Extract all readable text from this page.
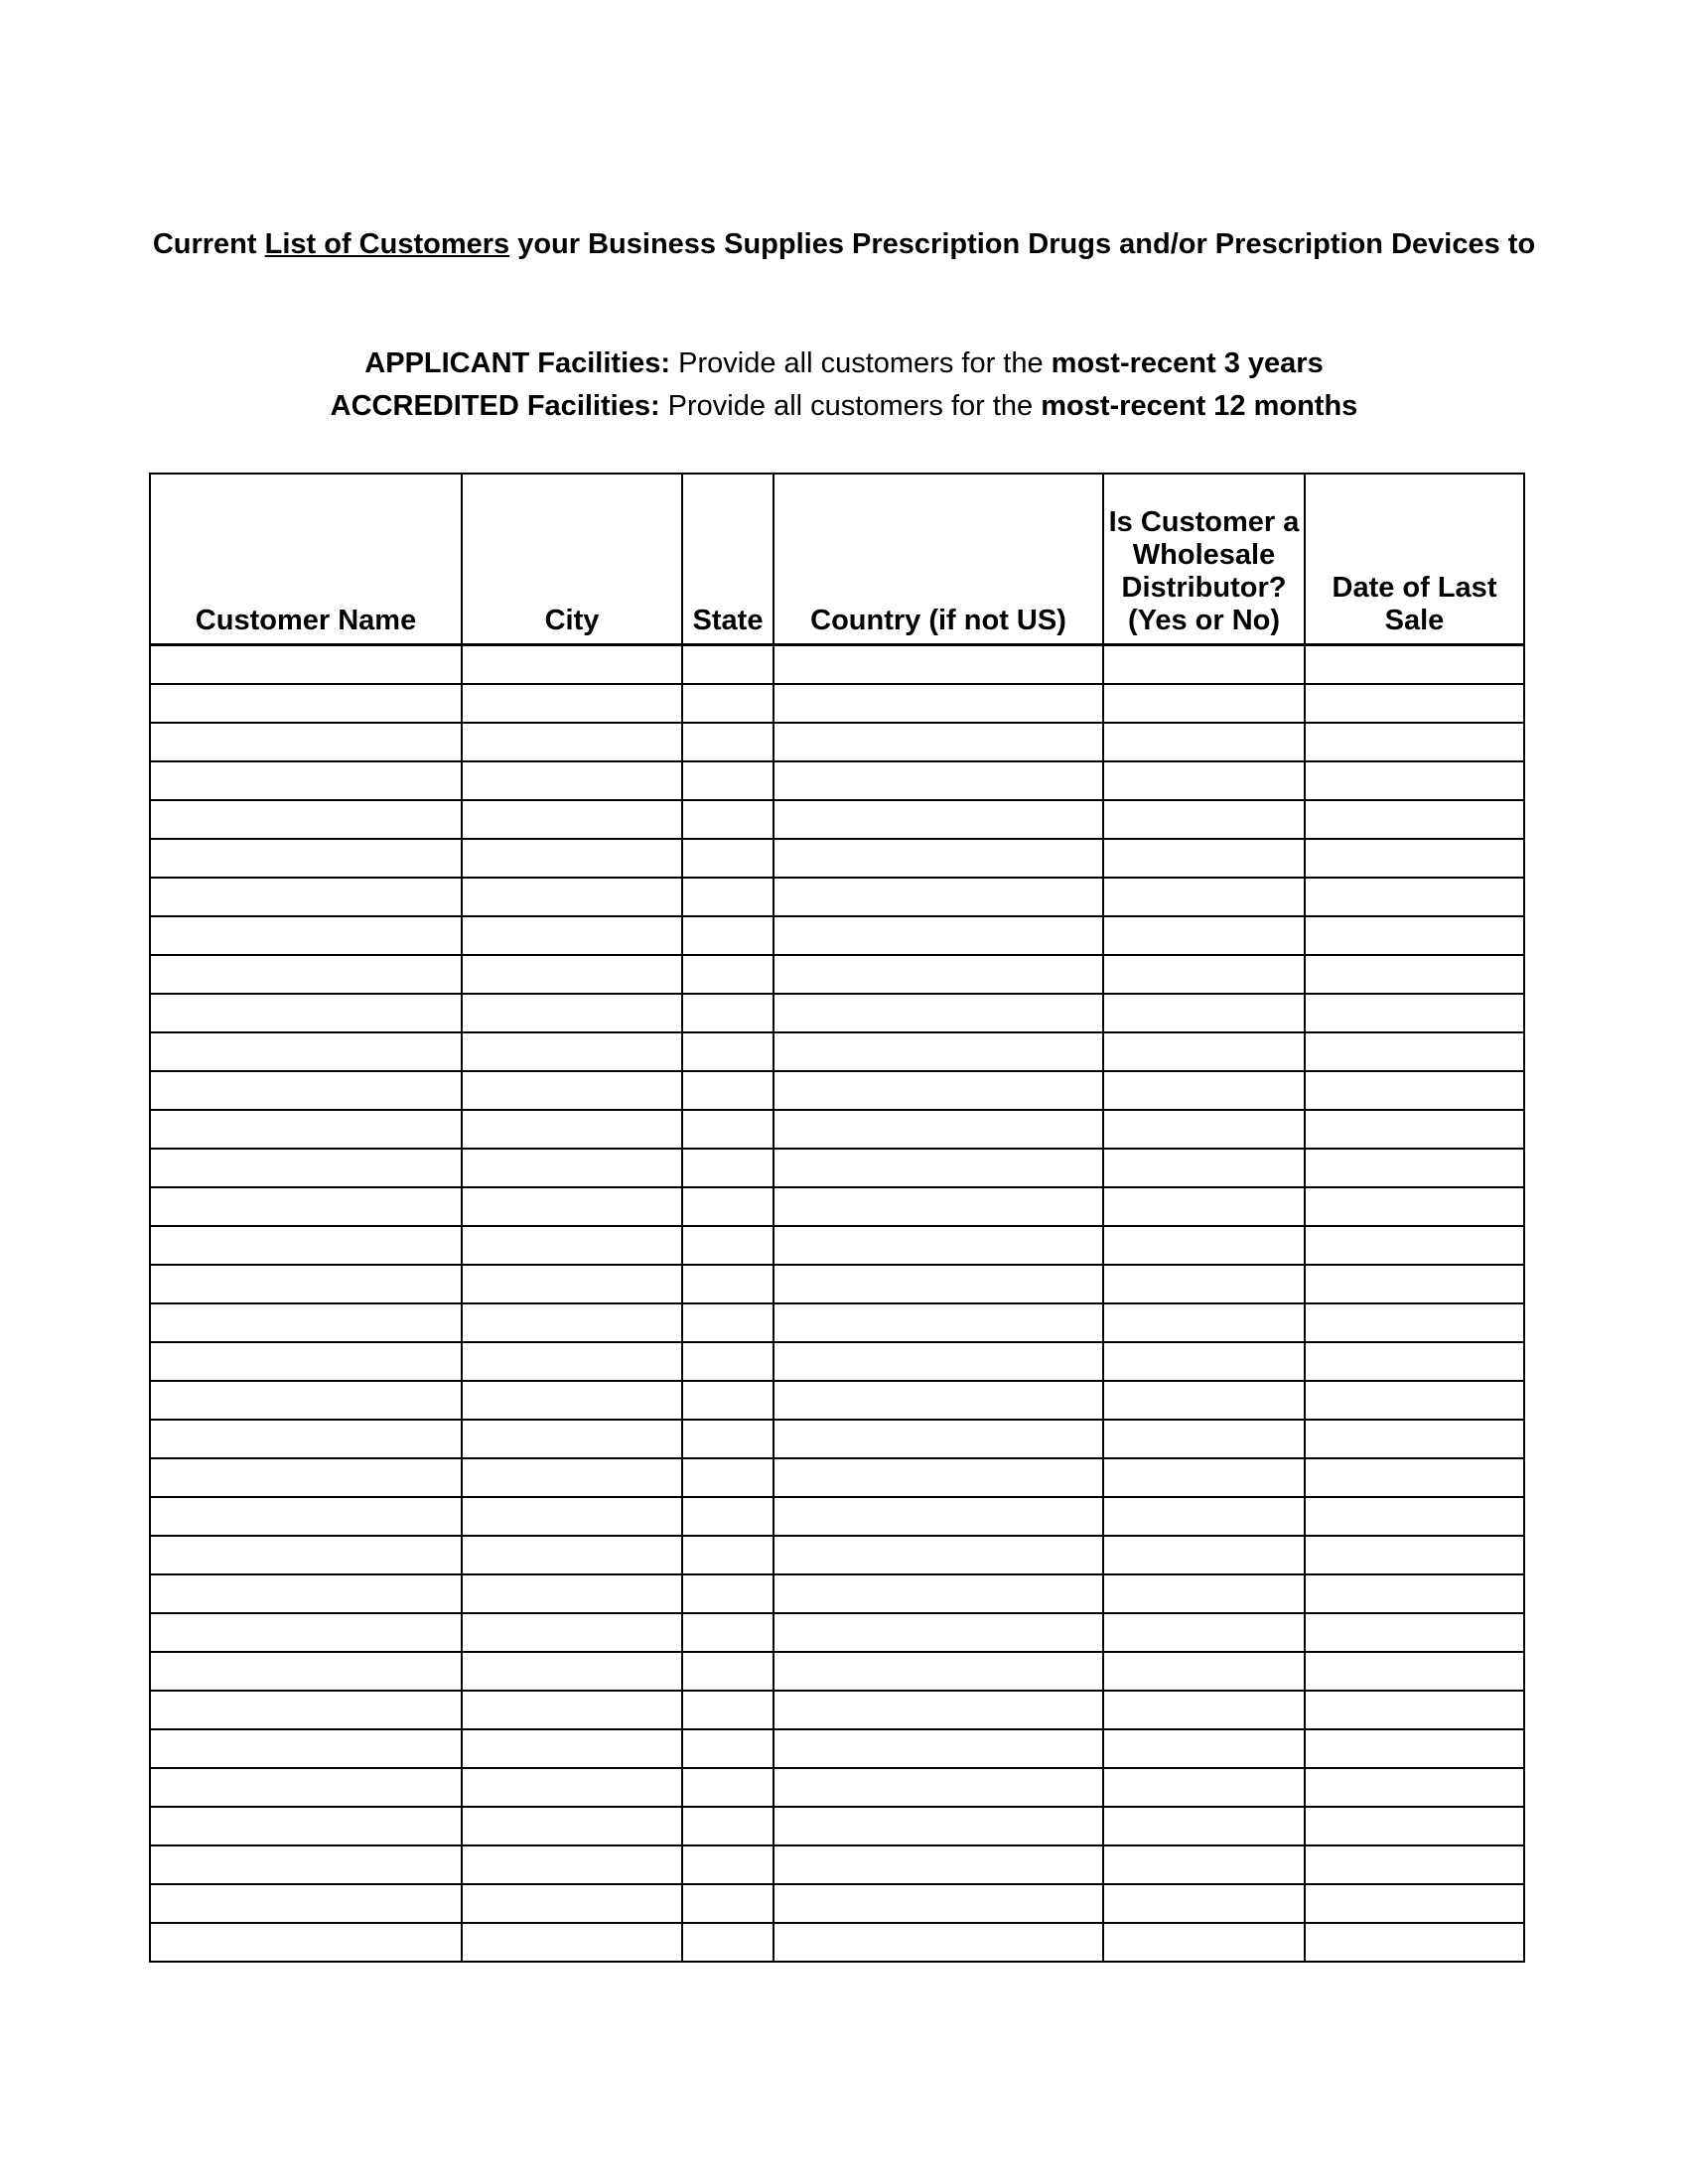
Current List of Customers your Business Supplies Prescription Drugs and/or Prescription Devices to
APPLICANT Facilities: Provide all customers for the most-recent 3 years
ACCREDITED Facilities: Provide all customers for the most-recent 12 months
Customer Name	City	State	Country (if not US)	Is Customer a Wholesale Distributor? (Yes or No)	Date of Last Sale
